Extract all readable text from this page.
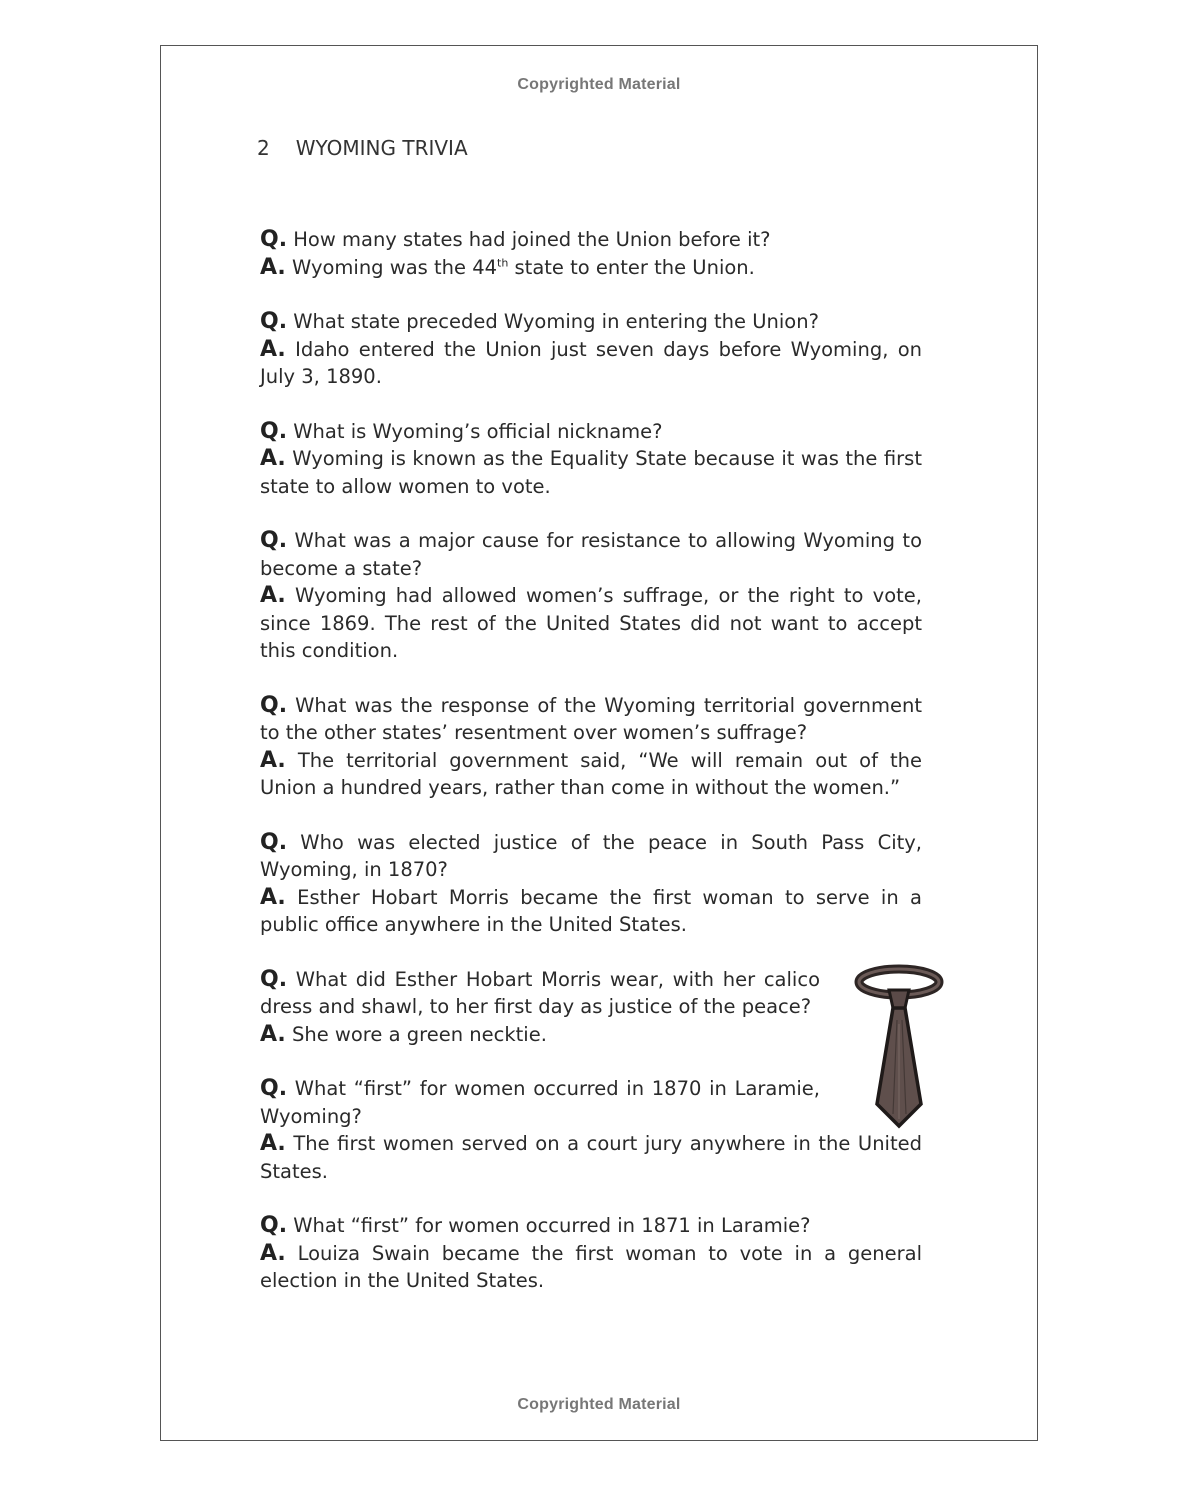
Copyrighted Material
2 WYOMING TRIVIA

Q. How many states had joined the Union before it?

A. Wyoming was the 44th state to enter the Union.

Q. What state preceded Wyoming in entering the Union?

A. Idaho entered the Union just seven days before Wyoming, on July 3, 1890.

Q. What is Wyoming’s official nickname?

A. Wyoming is known as the Equality State because it was the first state to allow women to vote.

Q. What was a major cause for resistance to allowing Wyoming to become a state?

A. Wyoming had allowed women’s suffrage, or the right to vote, since 1869. The rest of the United States did not want to accept this condition.

Q. What was the response of the Wyoming territorial government to the other states’ resentment over women’s suffrage?

A. The territorial government said, “We will remain out of the Union a hundred years, rather than come in without the women.”

Q. Who was elected justice of the peace in South Pass City, Wyoming, in 1870?

A. Esther Hobart Morris became the first woman to serve in a public office anywhere in the United States.

Q. What did Esther Hobart Morris wear, with her calico dress and shawl, to her first day as justice of the peace?

A. She wore a green necktie.

Q. What “first” for women occurred in 1870 in Laramie, Wyoming?

A. The first women served on a court jury anywhere in the United States.

Q. What “first” for women occurred in 1871 in Laramie?

A. Louiza Swain became the first woman to vote in a general election in the United States.

Copyrighted Material
